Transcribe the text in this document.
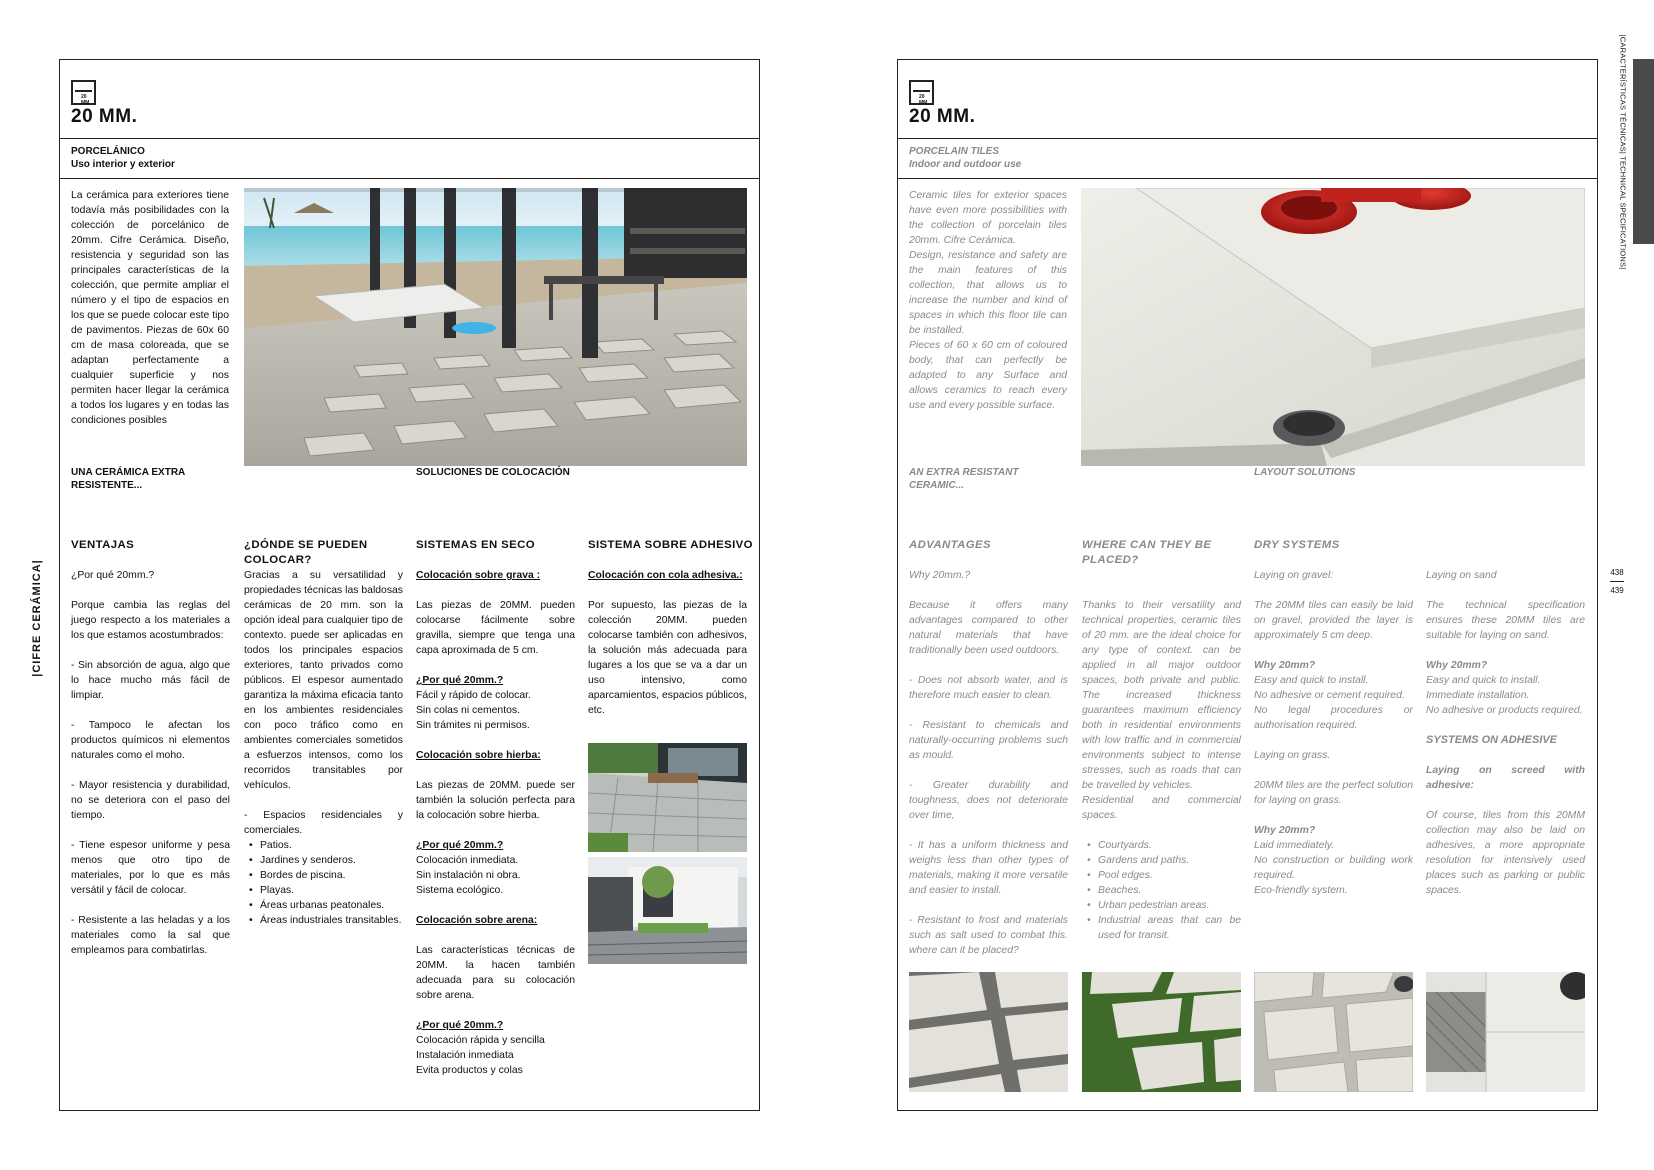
|CIFRE CERÁMICA|
|CARACTERÍSTICAS TÉCNICAS| TECHNICAL SPECIFICATIONS|
438
439
20 MM
20 MM.
PORCELÁNICO
Uso interior y exterior
La cerámica para exteriores tiene todavía más posibilidades con la colección de porcelánico de 20mm. Cifre Cerámica. Diseño, resistencia y seguridad son las principales características de la colección, que permite ampliar el número y el tipo de espacios en los que se puede colocar este tipo de pavimentos. Piezas de 60x 60 cm de masa coloreada, que se adaptan perfectamente a cualquier superficie y nos permiten hacer llegar la cerámica a todos los lugares y en todas las condiciones posibles
UNA CERÁMICA EXTRA RESISTENTE...
SOLUCIONES DE COLOCACIÓN
VENTAJAS	¿DÓNDE SE PUEDEN COLOCAR?
SISTEMAS EN SECO	SISTEMA SOBRE ADHESIVO

¿Por qué 20mm.?

Porque cambia las reglas del juego respecto a los materiales a los que estamos acostumbrados:

- Sin absorción de agua, algo que lo hace mucho más fácil de limpiar.

- Tampoco le afectan los productos químicos ni elementos naturales como el moho.

- Mayor resistencia y durabilidad, no se deteriora con el paso del tiempo.

- Tiene espesor uniforme y pesa menos que otro tipo de materiales, por lo que es más versátil y fácil de colocar.

- Resistente a las heladas y a los materiales como la sal que empleamos para combatirlas.

Gracias a su versatilidad y propiedades técnicas las baldosas cerámicas de 20 mm. son la opción ideal para cualquier tipo de contexto. puede ser aplicadas en todos los principales espacios exteriores, tanto privados como públicos. El espesor aumentado garantiza la máxima eficacia tanto en los ambientes residenciales con poco tráfico como en ambientes comerciales sometidos a esfuerzos intensos, como los recorridos transitables por vehículos.

- Espacios residenciales y comerciales.

• Patios.
• Jardines y senderos.
• Bordes de piscina.
• Playas.
• Áreas urbanas peatonales.
• Áreas industriales transitables.

Colocación sobre grava :

Las piezas de 20MM. pueden colocarse fácilmente sobre gravilla, siempre que tenga una capa aproximada de 5 cm.

¿Por qué 20mm.?

Fácil y rápido de colocar.

Sin colas ni cementos.

Sin trámites ni permisos.

Colocación sobre hierba:

Las piezas de 20MM. puede ser también la solución perfecta para la colocación sobre hierba.

¿Por qué 20mm.?

Colocación inmediata.

Sin instalación ni obra.

Sistema ecológico.

Colocación sobre arena:

Las características técnicas de 20MM. la hacen también adecuada para su colocación sobre arena.

¿Por qué 20mm.?

Colocación rápida y sencilla

Instalación inmediata

Evita productos y colas

Colocación con cola adhesiva.:

Por supuesto, las piezas de la colección 20MM. pueden colocarse también con adhesivos, la solución más adecuada para lugares a los que se va a dar un uso intensivo, como aparcamientos, espacios públicos, etc.

20 MM
20 MM.
PORCELAIN TILES
Indoor and outdoor use
Ceramic tiles for exterior spaces have even more possibilities with the collection of porcelain tiles 20mm. Cifre Cerámica.
Design, resistance and safety are the main features of this collection, that allows us to increase the number and kind of spaces in which this floor tile can be installed.
Pieces of 60 x 60 cm of coloured body, that can perfectly be adapted to any Surface and allows ceramics to reach every use and every possible surface.
AN EXTRA RESISTANT CERAMIC...
LAYOUT SOLUTIONS
ADVANTAGES	WHERE CAN THEY BE PLACED?
DRY SYSTEMS

Why 20mm.?

Because it offers many advantages compared to other natural materials that have traditionally been used outdoors.

- Does not absorb water, and is therefore much easier to clean.

- Resistant to chemicals and naturally-occurring problems such as mould.

- Greater durability and toughness, does not deteriorate over time,

- It has a uniform thickness and weighs less than other types of materials, making it more versatile and easier to install.

- Resistant to frost and materials such as salt used to combat this. where can it be placed?

Thanks to their versatility and technical properties, ceramic tiles of 20 mm. are the ideal choice for any type of context. can be applied in all major outdoor spaces, both private and public. The increased thickness guarantees maximum efficiency both in residential environments with low traffic and in commercial environments subject to intense stresses, such as roads that can be travelled by vehicles.

Residential and commercial spaces.

• Courtyards.
• Gardens and paths.
• Pool edges.
• Beaches.
• Urban pedestrian areas.
• Industrial areas that can be used for transit.

Laying on gravel:

The 20MM tiles can easily be laid on gravel, provided the layer is approximately 5 cm deep.

Why 20mm?

Easy and quick to install.

No adhesive or cement required.

No legal procedures or authorisation required.

Laying on grass.

20MM tiles are the perfect solution for laying on grass.

Why 20mm?

Laid immediately.

No construction or building work required.

Eco-friendly system.

Laying on sand

The technical specification ensures these 20MM tiles are suitable for laying on sand.

Why 20mm?

Easy and quick to install.

Immediate installation.

No adhesive or products required.

SYSTEMS ON ADHESIVE

Laying on screed with adhesive:

Of course, tiles from this 20MM collection may also be laid on adhesives, a more appropriate resolution for intensively used places such as parking or public spaces.
